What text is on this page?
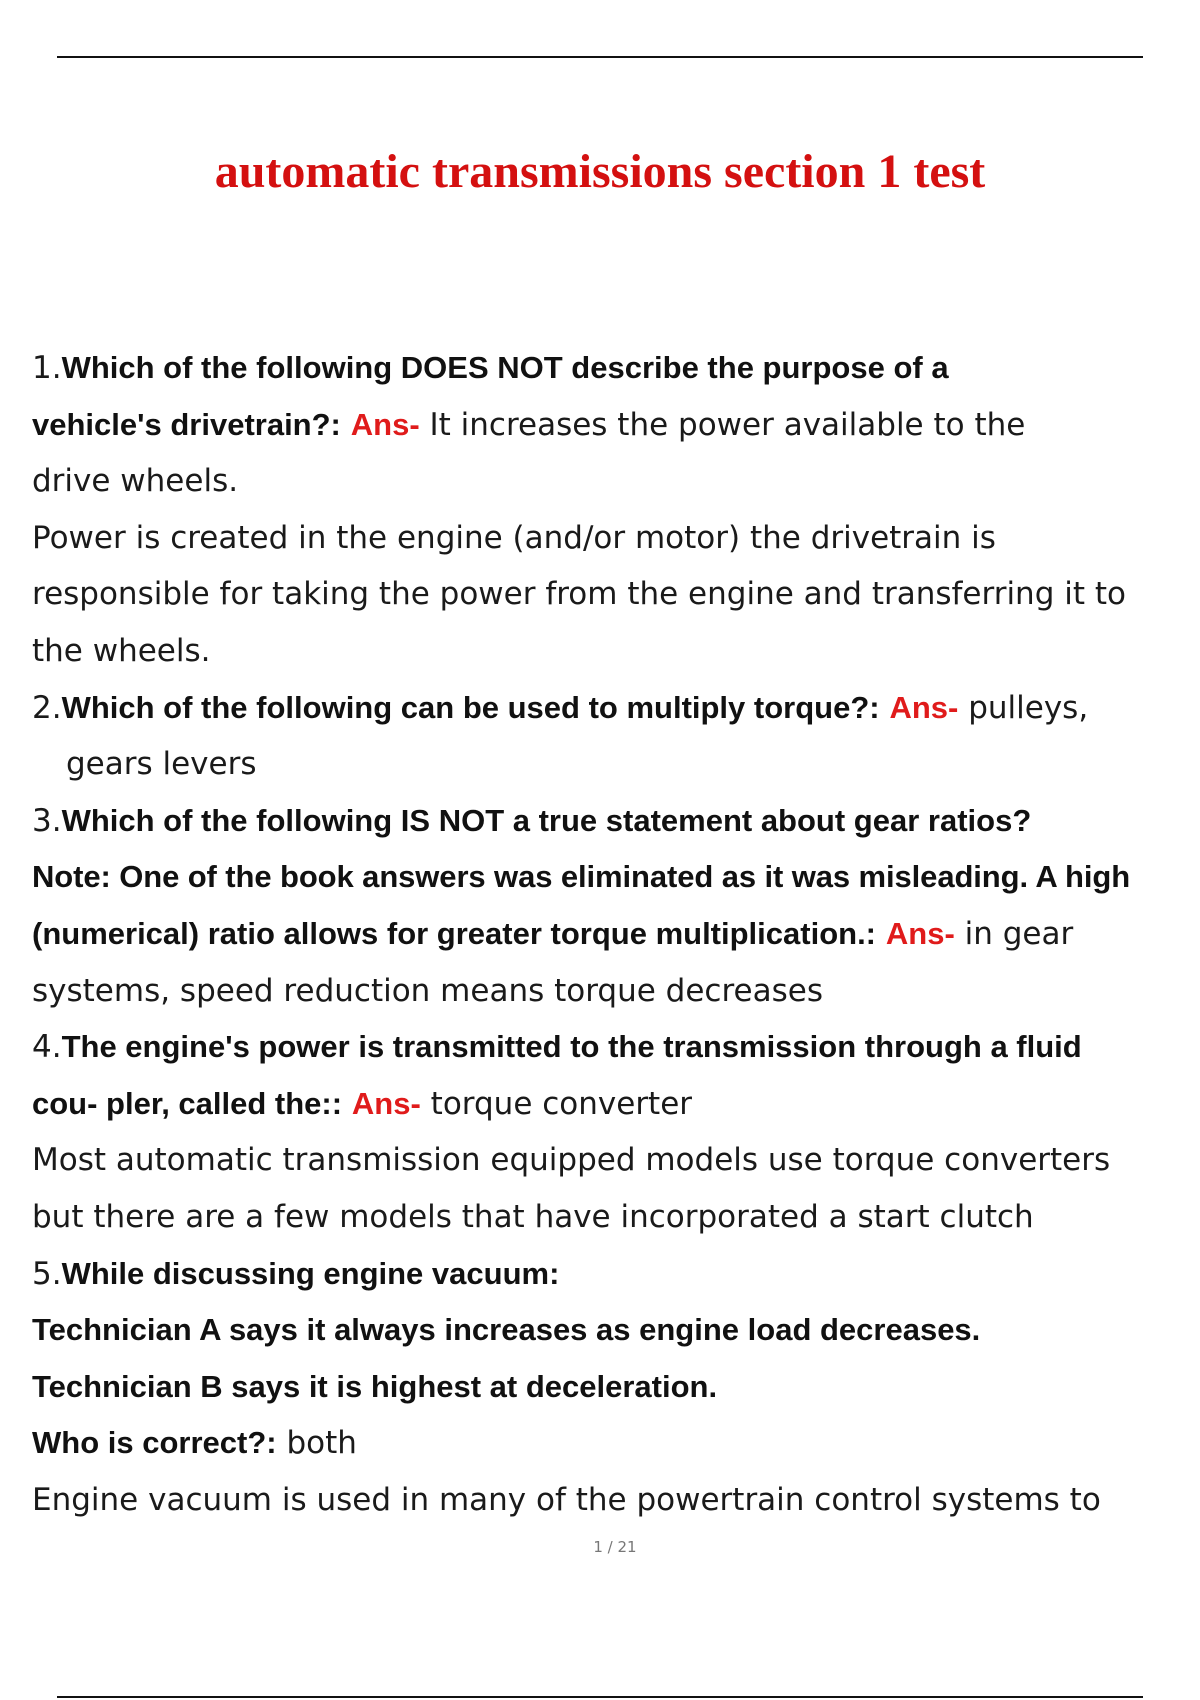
automatic transmissions section 1 test
1.Which of the following DOES NOT describe the purpose of a
vehicle's drivetrain?: Ans- It increases the power available to the
drive wheels.
Power is created in the engine (and/or motor) the drivetrain is
responsible for taking the power from the engine and transferring it to
the wheels.
2.Which of the following can be used to multiply torque?: Ans- pulleys,
gears levers
3.Which of the following IS NOT a true statement about gear ratios?
Note: One of the book answers was eliminated as it was misleading. A high
(numerical) ratio allows for greater torque multiplication.: Ans- in gear
systems, speed reduction means torque decreases
4.The engine's power is transmitted to the transmission through a fluid
cou- pler, called the:: Ans- torque converter
Most automatic transmission equipped models use torque converters
but there are a few models that have incorporated a start clutch
5.While discussing engine vacuum:
Technician A says it always increases as engine load decreases.
Technician B says it is highest at deceleration.
Who is correct?: both
Engine vacuum is used in many of the powertrain control systems to
1 / 21
